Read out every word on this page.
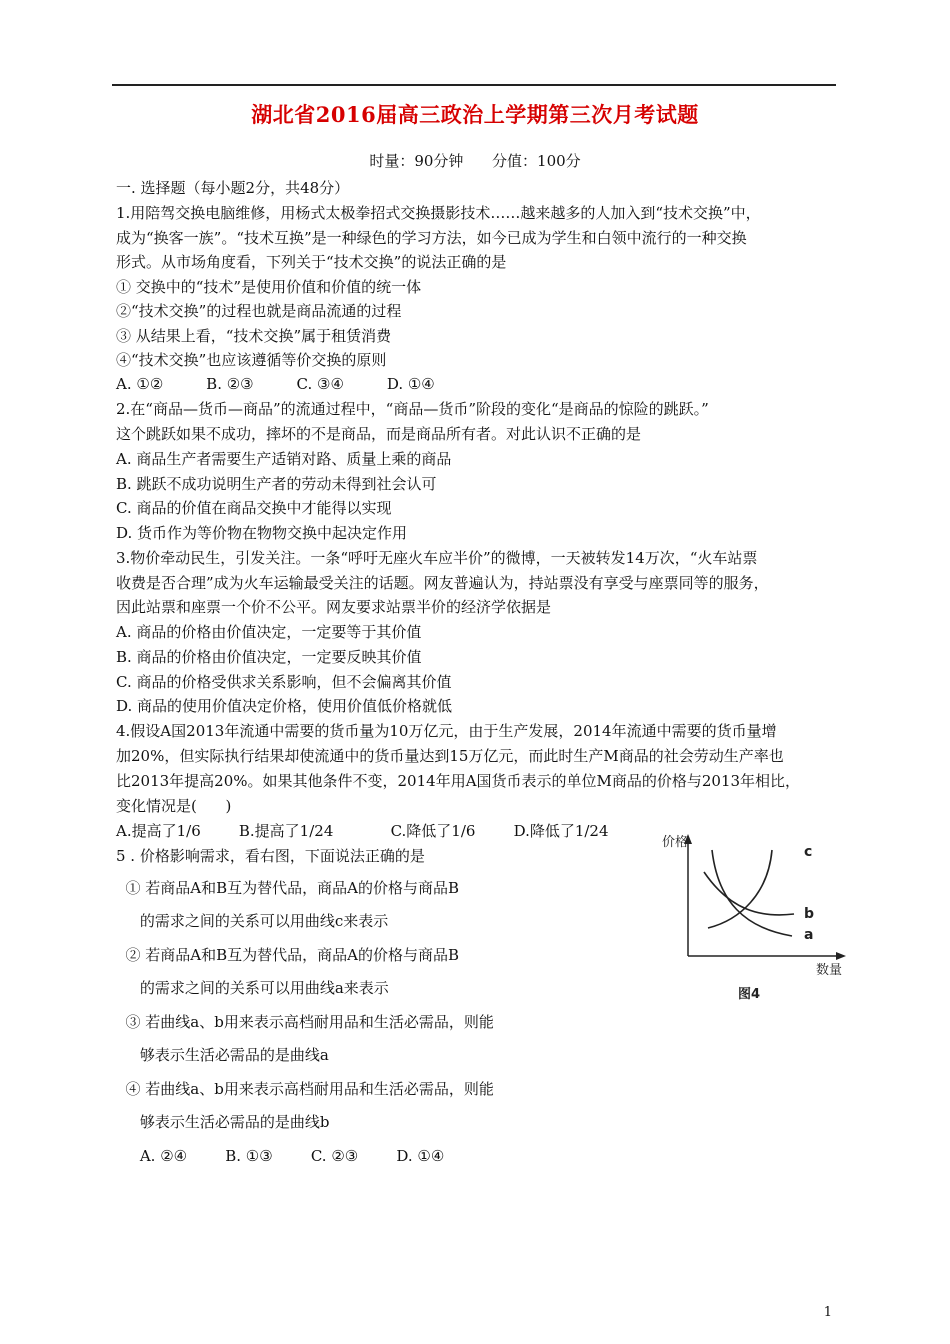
湖北省2016届高三政治上学期第三次月考试题
时量：90分钟      分值：100分
一. 选择题（每小题2分，共48分）
1.用陪驾交换电脑维修，用杨式太极拳招式交换摄影技术……越来越多的人加入到“技术交换”中，
成为“换客一族”。“技术互换”是一种绿色的学习方法，如今已成为学生和白领中流行的一种交换
形式。从市场角度看，下列关于“技术交换”的说法正确的是
① 交换中的“技术”是使用价值和价值的统一体
②“技术交换”的过程也就是商品流通的过程
③ 从结果上看，“技术交换”属于租赁消费
④“技术交换”也应该遵循等价交换的原则
A. ①②         B. ②③         C. ③④         D. ①④
2.在“商品—货币—商品”的流通过程中，“商品—货币”阶段的变化“是商品的惊险的跳跃。”
这个跳跃如果不成功，摔坏的不是商品，而是商品所有者。对此认识不正确的是
A. 商品生产者需要生产适销对路、质量上乘的商品
B. 跳跃不成功说明生产者的劳动未得到社会认可
C. 商品的价值在商品交换中才能得以实现
D. 货币作为等价物在物物交换中起决定作用
3.物价牵动民生，引发关注。一条“呼吁无座火车应半价”的微博，一天被转发14万次，“火车站票
收费是否合理”成为火车运输最受关注的话题。网友普遍认为，持站票没有享受与座票同等的服务，
因此站票和座票一个价不公平。网友要求站票半价的经济学依据是
A. 商品的价格由价值决定，一定要等于其价值
B. 商品的价格由价值决定，一定要反映其价值
C. 商品的价格受供求关系影响，但不会偏离其价值
D. 商品的使用价值决定价格，使用价值低价格就低
4.假设A国2013年流通中需要的货币量为10万亿元，由于生产发展，2014年流通中需要的货币量增
加20%，但实际执行结果却使流通中的货币量达到15万亿元，而此时生产M商品的社会劳动生产率也
比2013年提高20%。如果其他条件不变，2014年用A国货币表示的单位M商品的价格与2013年相比，
变化情况是(      )
A.提高了1/6        B.提高了1/24            C.降低了1/6        D.降低了1/24
5 . 价格影响需求，看右图，下面说法正确的是
① 若商品A和B互为替代品，商品A的价格与商品B
的需求之间的关系可以用曲线c来表示
② 若商品A和B互为替代品，商品A的价格与商品B
的需求之间的关系可以用曲线a来表示
③ 若曲线a、b用来表示高档耐用品和生活必需品，则能
够表示生活必需品的是曲线a
④ 若曲线a、b用来表示高档耐用品和生活必需品，则能
够表示生活必需品的是曲线b
A. ②④        B. ①③        C. ②③        D. ①④
价格
c
b
a
数量
图4
1
